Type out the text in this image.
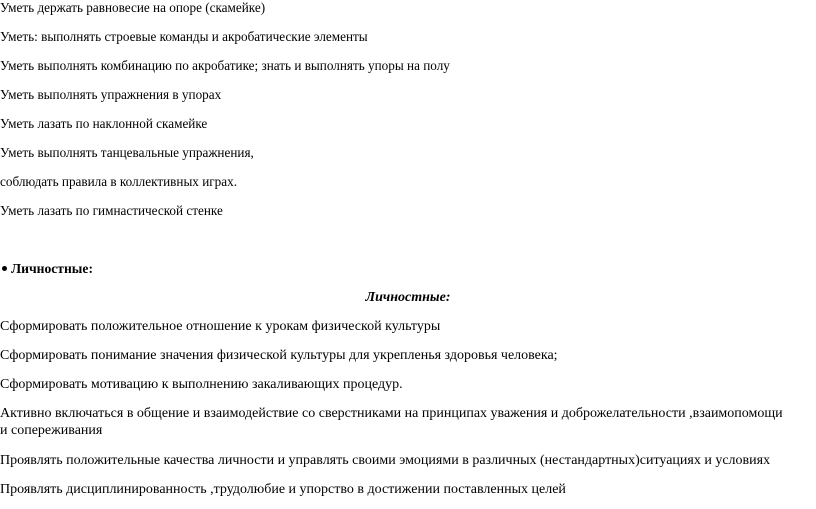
Уметь держать равновесие на опоре (скамейке)
Уметь: выполнять строевые команды и акробатические элементы
Уметь выполнять комбинацию по акробатике; знать и выполнять упоры на полу
Уметь выполнять упражнения в упорах
Уметь лазать по наклонной скамейке
Уметь выполнять танцевальные упражнения,
соблюдать правила в коллективных играх.
Уметь лазать по гимнастической стенке
Личностные:
Личностные:
Сформировать положительное отношение к урокам физической культуры
Сформировать понимание значения физической культуры для укрепленья здоровья человека;
Сформировать мотивацию к выполнению закаливающих процедур.
Активно включаться в общение и взаимодействие со сверстниками на принципах уважения и доброжелательности ,взаимопомощи и сопереживания
Проявлять положительные качества личности и управлять своими эмоциями в различных (нестандартных)ситуациях и условиях
Проявлять дисциплинированность ,трудолюбие и упорство в достижении поставленных целей
